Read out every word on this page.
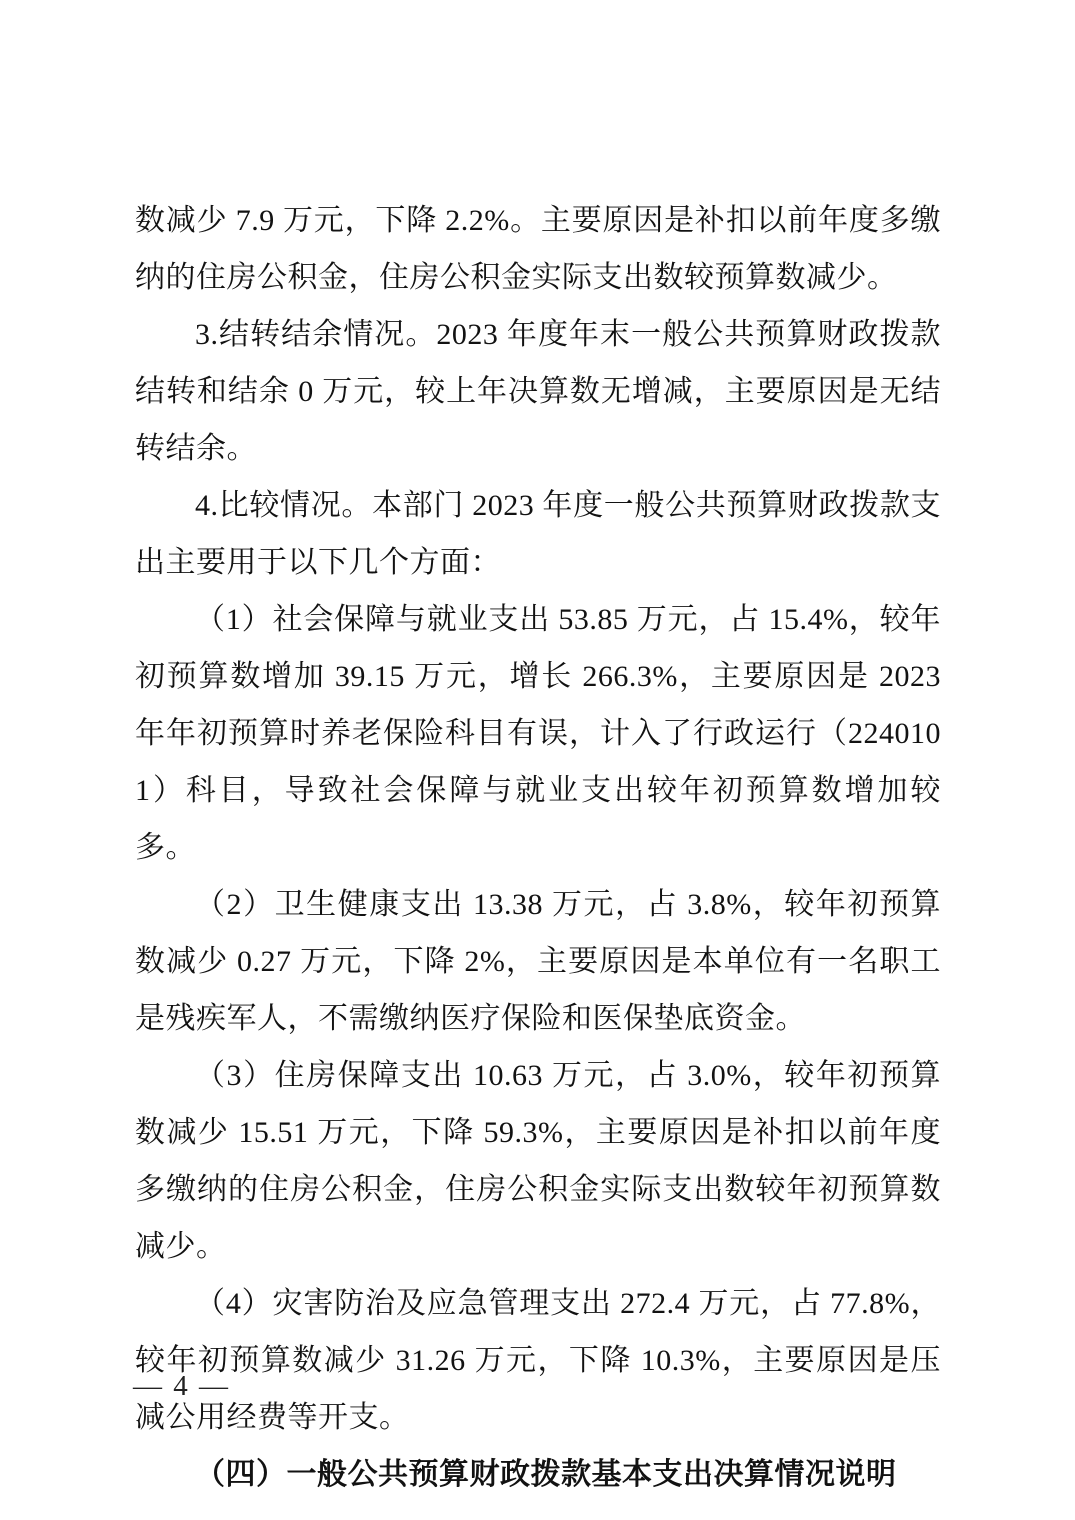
数减少 7.9 万元，下降 2.2%。主要原因是补扣以前年度多缴纳的住房公积金，住房公积金实际支出数较预算数减少。

3.结转结余情况。2023 年度年末一般公共预算财政拨款结转和结余 0 万元，较上年决算数无增减，主要原因是无结转结余。

4.比较情况。本部门 2023 年度一般公共预算财政拨款支出主要用于以下几个方面：

（1）社会保障与就业支出 53.85 万元，占 15.4%，较年初预算数增加 39.15 万元，增长 266.3%，主要原因是 2023 年年初预算时养老保险科目有误，计入了行政运行（2240101）科目，导致社会保障与就业支出较年初预算数增加较多。

（2）卫生健康支出 13.38 万元，占 3.8%，较年初预算数减少 0.27 万元，下降 2%，主要原因是本单位有一名职工是残疾军人，不需缴纳医疗保险和医保垫底资金。

（3）住房保障支出 10.63 万元，占 3.0%，较年初预算数减少 15.51 万元，下降 59.3%，主要原因是补扣以前年度多缴纳的住房公积金，住房公积金实际支出数较年初预算数减少。

（4）灾害防治及应急管理支出 272.4 万元，占 77.8%，较年初预算数减少 31.26 万元，下降 10.3%，主要原因是压减公用经费等开支。

（四）一般公共预算财政拨款基本支出决算情况说明

— 4 —
